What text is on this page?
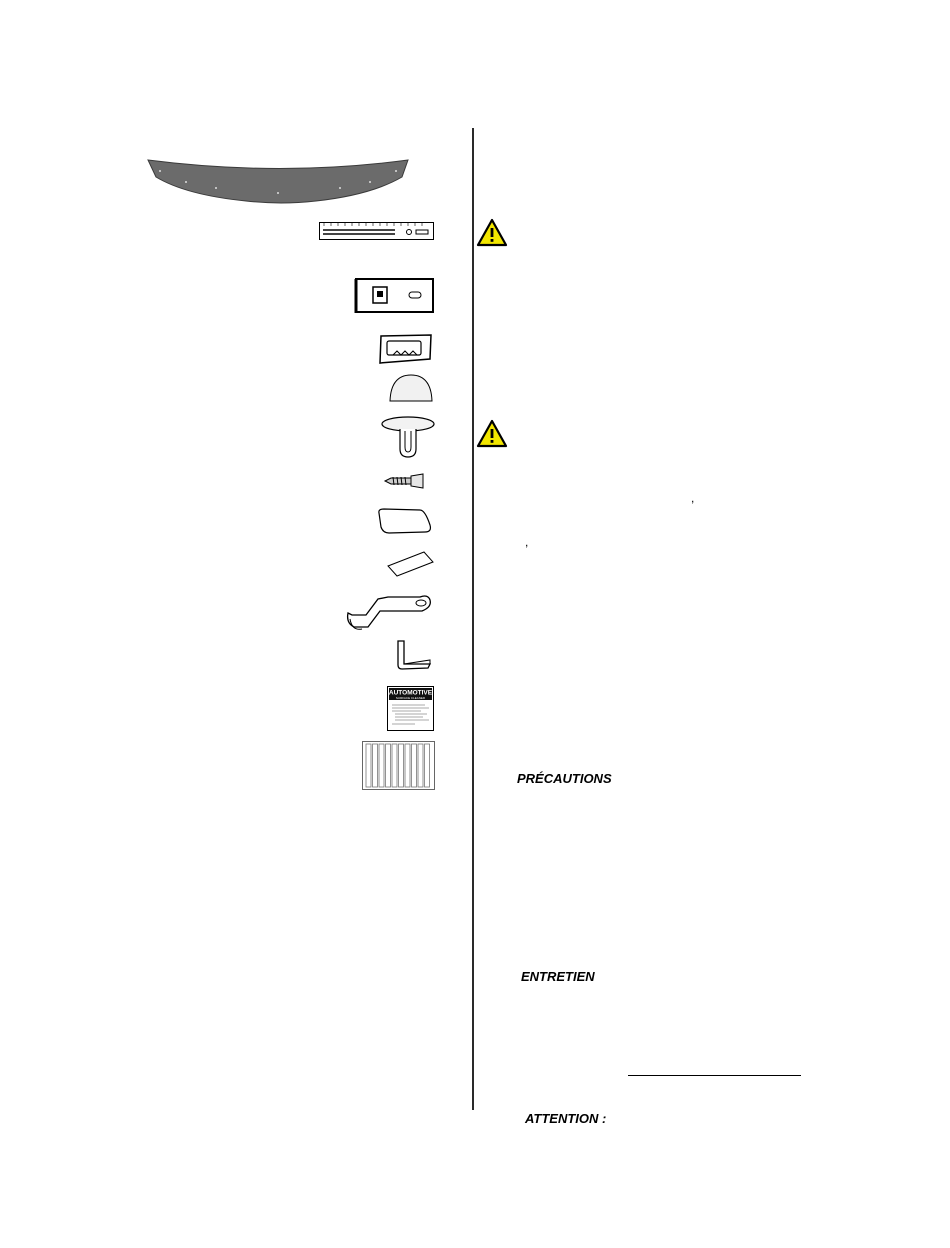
AUTOMOTIVE
SURFACE CLEANER
,
,
PRÉCAUTIONS
ENTRETIEN
ATTENTION :
